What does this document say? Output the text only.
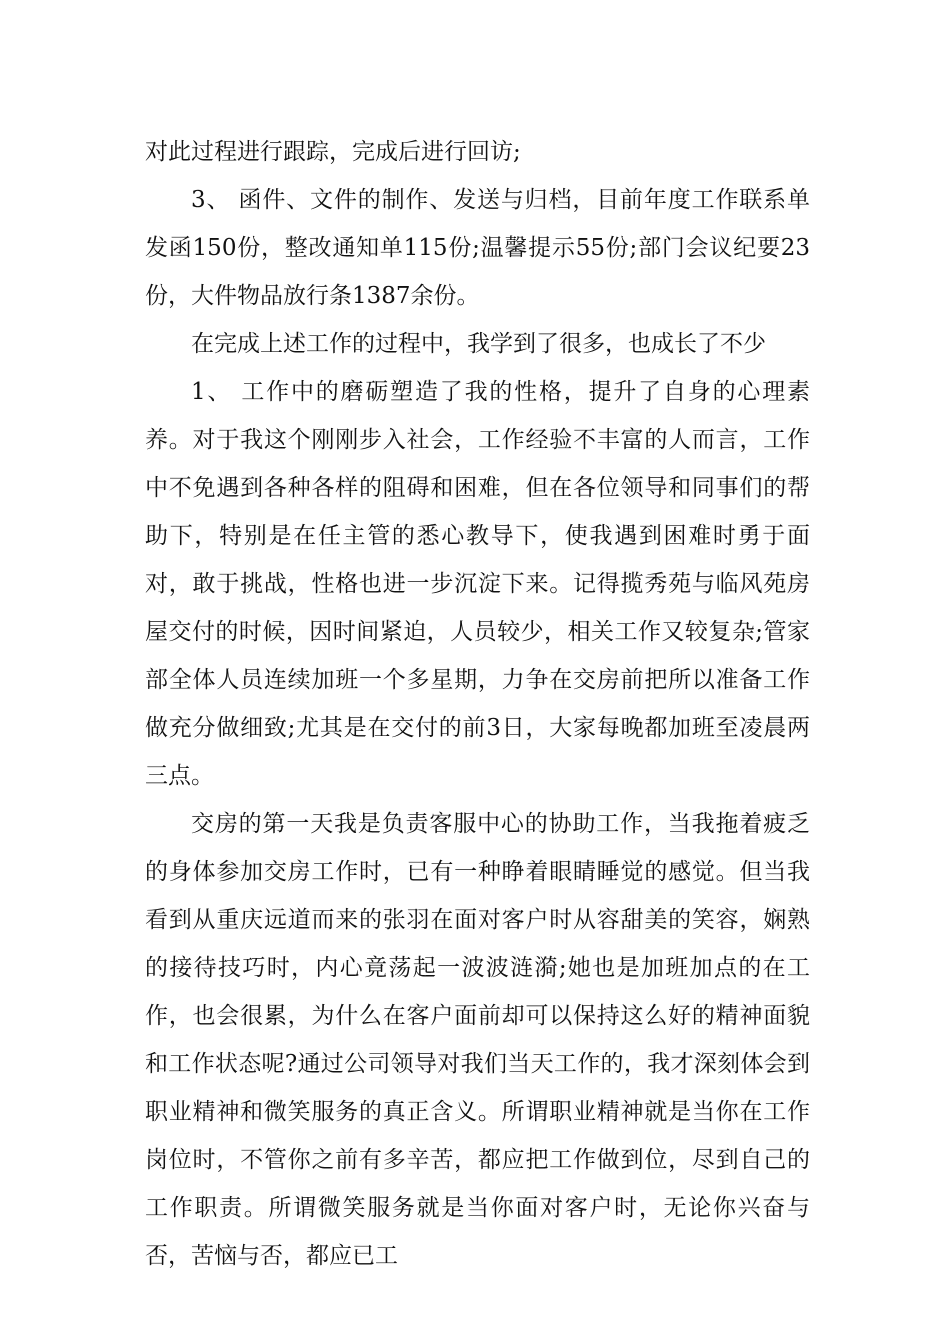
对此过程进行跟踪，完成后进行回访;

3、 函件、文件的制作、发送与归档，目前年度工作联系单发函150份，整改通知单115份;温馨提示55份;部门会议纪要23份，大件物品放行条1387余份。

在完成上述工作的过程中，我学到了很多，也成长了不少

1、 工作中的磨砺塑造了我的性格，提升了自身的心理素养。对于我这个刚刚步入社会，工作经验不丰富的人而言，工作中不免遇到各种各样的阻碍和困难，但在各位领导和同事们的帮助下，特别是在任主管的悉心教导下，使我遇到困难时勇于面对，敢于挑战，性格也进一步沉淀下来。记得揽秀苑与临风苑房屋交付的时候，因时间紧迫，人员较少，相关工作又较复杂;管家部全体人员连续加班一个多星期，力争在交房前把所以准备工作做充分做细致;尤其是在交付的前3日，大家每晚都加班至凌晨两三点。

交房的第一天我是负责客服中心的协助工作，当我拖着疲乏的身体参加交房工作时，已有一种睁着眼睛睡觉的感觉。但当我看到从重庆远道而来的张羽在面对客户时从容甜美的笑容，娴熟的接待技巧时，内心竟荡起一波波涟漪;她也是加班加点的在工作，也会很累，为什么在客户面前却可以保持这么好的精神面貌和工作状态呢?通过公司领导对我们当天工作的，我才深刻体会到职业精神和微笑服务的真正含义。所谓职业精神就是当你在工作岗位时，不管你之前有多辛苦，都应把工作做到位，尽到自己的工作职责。所谓微笑服务就是当你面对客户时，无论你兴奋与否，苦恼与否，都应已工
